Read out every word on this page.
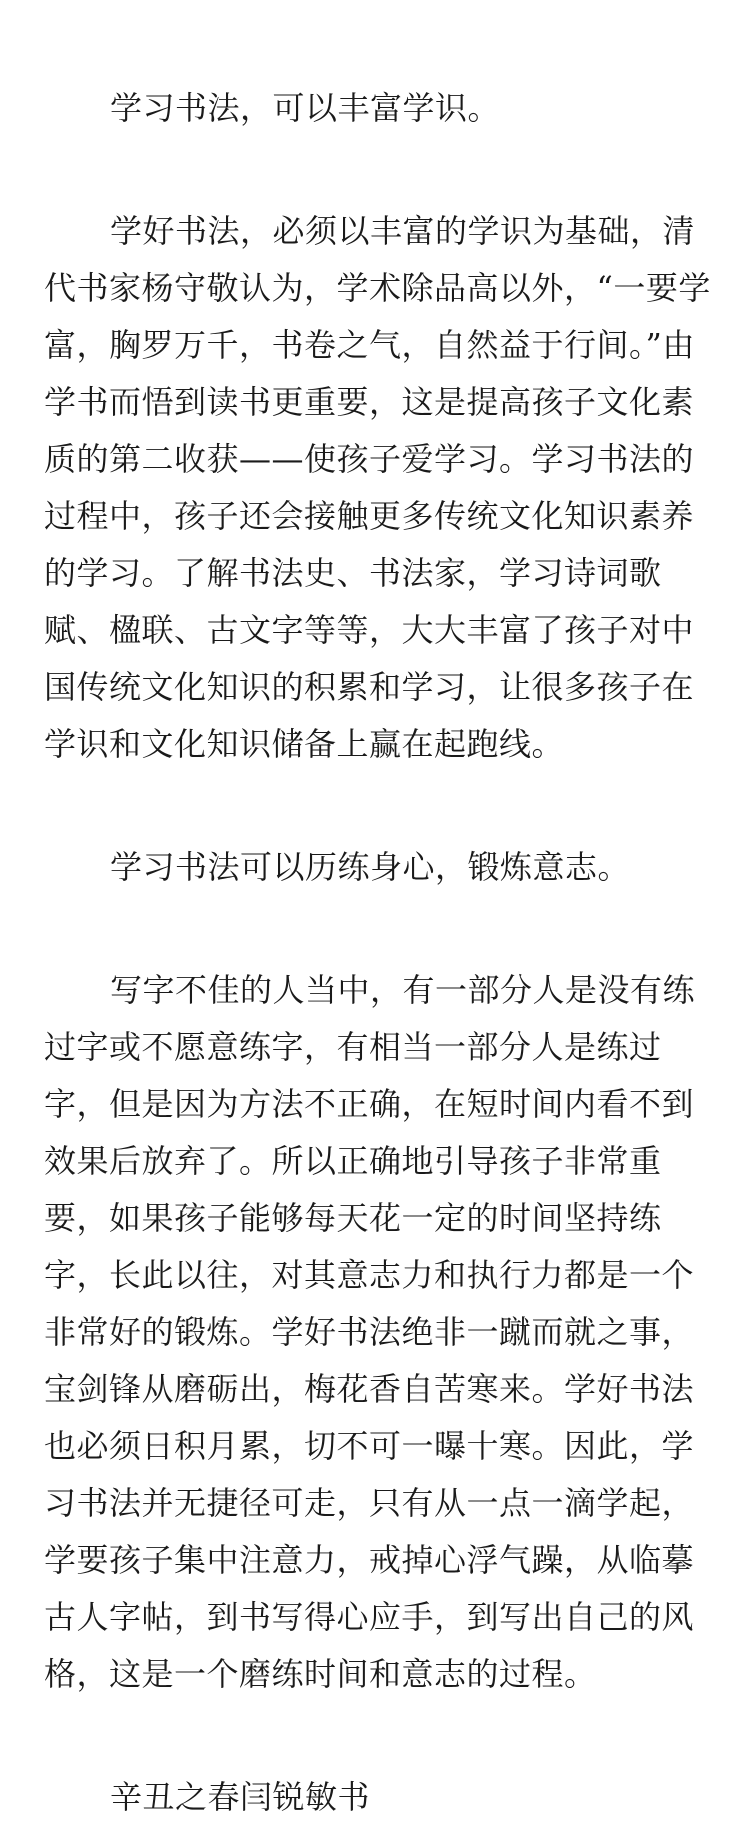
学习书法，可以丰富学识。
学好书法，必须以丰富的学识为基础，清
代书家杨守敬认为，学术除品高以外，“一要学
富，胸罗万千，书卷之气，自然益于行间。”由
学书而悟到读书更重要，这是提高孩子文化素
质的第二收获——使孩子爱学习。学习书法的
过程中，孩子还会接触更多传统文化知识素养
的学习。了解书法史、书法家，学习诗词歌
赋、楹联、古文字等等，大大丰富了孩子对中
国传统文化知识的积累和学习，让很多孩子在
学识和文化知识储备上赢在起跑线。
学习书法可以历练身心，锻炼意志。
写字不佳的人当中，有一部分人是没有练
过字或不愿意练字，有相当一部分人是练过
字，但是因为方法不正确，在短时间内看不到
效果后放弃了。所以正确地引导孩子非常重
要，如果孩子能够每天花一定的时间坚持练
字，长此以往，对其意志力和执行力都是一个
非常好的锻炼。学好书法绝非一蹴而就之事，
宝剑锋从磨砺出，梅花香自苦寒来。学好书法
也必须日积月累，切不可一曝十寒。因此，学
习书法并无捷径可走，只有从一点一滴学起，
学要孩子集中注意力，戒掉心浮气躁，从临摹
古人字帖，到书写得心应手，到写出自己的风
格，这是一个磨练时间和意志的过程。
辛丑之春闫锐敏书
